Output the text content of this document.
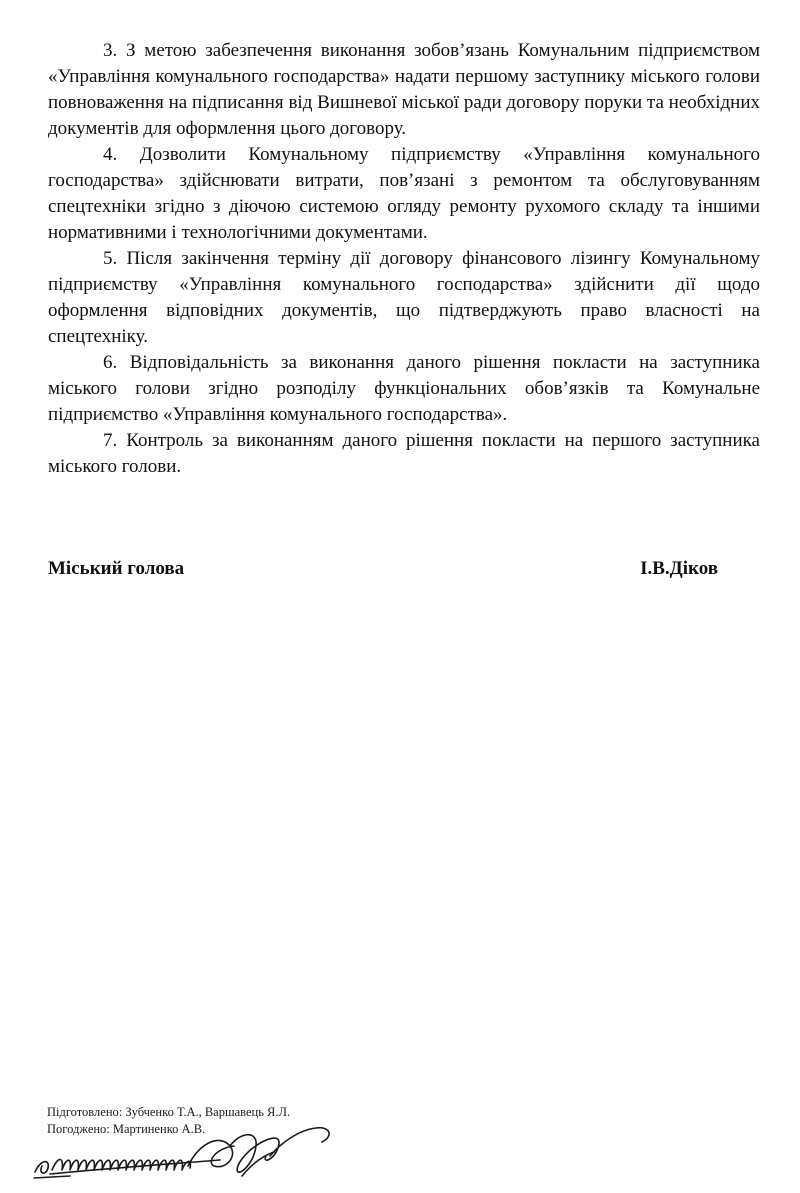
3. З метою забезпечення виконання зобов’язань Комунальним підприємством «Управління комунального господарства» надати першому заступнику міського голови повноваження на підписання від Вишневої міської ради договору поруки та необхідних документів для оформлення цього договору.

4. Дозволити Комунальному підприємству «Управління комунального господарства» здійснювати витрати, пов’язані з ремонтом та обслуговуванням спецтехніки згідно з діючою системою огляду ремонту рухомого складу та іншими нормативними і технологічними документами.

5. Після закінчення терміну дії договору фінансового лізингу Комунальному підприємству «Управління комунального господарства» здійснити дії щодо оформлення відповідних документів, що підтверджують право власності на спецтехніку.

6. Відповідальність за виконання даного рішення покласти на заступника міського голови згідно розподілу функціональних обов’язків та Комунальне підприємство «Управління комунального господарства».

7. Контроль за виконанням даного рішення покласти на першого заступника міського голови.

Міський голова	І.В.Діков
Підготовлено: Зубченко Т.А., Варшавець Я.Л.
Погоджено: Мартиненко А.В.
